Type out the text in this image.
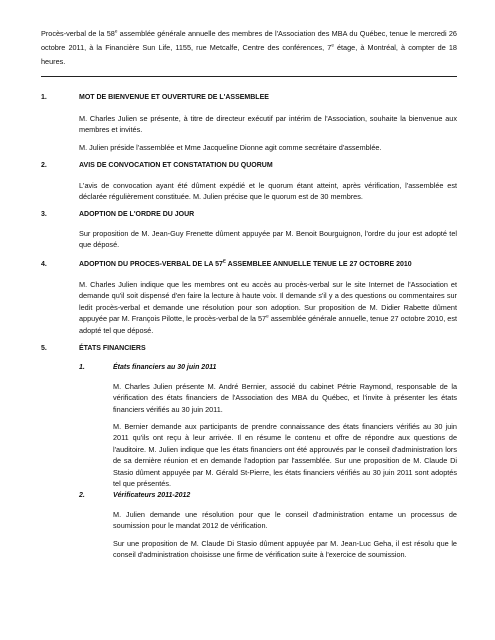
Procès-verbal de la 58e assemblée générale annuelle des membres de l'Association des MBA du Québec, tenue le mercredi 26 octobre 2011, à la Financière Sun Life, 1155, rue Metcalfe, Centre des conférences, 7e étage, à Montréal, à compter de 18 heures.
1.	MOT DE BIENVENUE ET OUVERTURE DE L'ASSEMBLEE
M. Charles Julien se présente, à titre de directeur exécutif par intérim de l'Association, souhaite la bienvenue aux membres et invités.
M. Julien préside l'assemblée et Mme Jacqueline Dionne agit comme secrétaire d'assemblée.
2.	AVIS DE CONVOCATION ET CONSTATATION DU QUORUM
L'avis de convocation ayant été dûment expédié et le quorum étant atteint, après vérification, l'assemblée est déclarée régulièrement constituée. M. Julien précise que le quorum est de 30 membres.
3.	ADOPTION DE L'ORDRE DU JOUR
Sur proposition de M. Jean-Guy Frenette dûment appuyée par M. Benoit Bourguignon, l'ordre du jour est adopté tel que déposé.
4.	ADOPTION DU PROCES-VERBAL DE LA $57^E$ ASSEMBLEE ANNUELLE TENUE LE 27 OCTOBRE 2010
M. Charles Julien indique que les membres ont eu accès au procès-verbal sur le site Internet de l'Association et demande qu'il soit dispensé d'en faire la lecture à haute voix. Il demande s'il y a des questions ou commentaires sur ledit procès-verbal et demande une résolution pour son adoption. Sur proposition de M. Didier Rabette dûment appuyée par M. François Pilotte, le procès-verbal de la 57e assemblée générale annuelle, tenue 27 octobre 2010, est adopté tel que déposé.
5.	ÉTATS FINANCIERS
1.	États financiers au 30 juin 2011
M. Charles Julien présente M. André Bernier, associé du cabinet Pétrie Raymond, responsable de la vérification des états financiers de l'Association des MBA du Québec, et l'invite à présenter les états financiers vérifiés au 30 juin 2011.
M. Bernier demande aux participants de prendre connaissance des états financiers vérifiés au 30 juin 2011 qu'ils ont reçu à leur arrivée. Il en résume le contenu et offre de répondre aux questions de l'auditoire. M. Julien indique que les états financiers ont été approuvés par le conseil d'administration lors de sa dernière réunion et en demande l'adoption par l'assemblée. Sur une proposition de M. Claude Di Stasio dûment appuyée par M. Gérald St-Pierre, les états financiers vérifiés au 30 juin 2011 sont adoptés tel que présentés.
2.	Vérificateurs 2011-2012
M. Julien demande une résolution pour que le conseil d'administration entame un processus de soumission pour le mandat 2012 de vérification.
Sur une proposition de M. Claude Di Stasio dûment appuyée par M. Jean-Luc Geha, il est résolu que le conseil d'administration choisisse une firme de vérification suite à l'exercice de soumission.
